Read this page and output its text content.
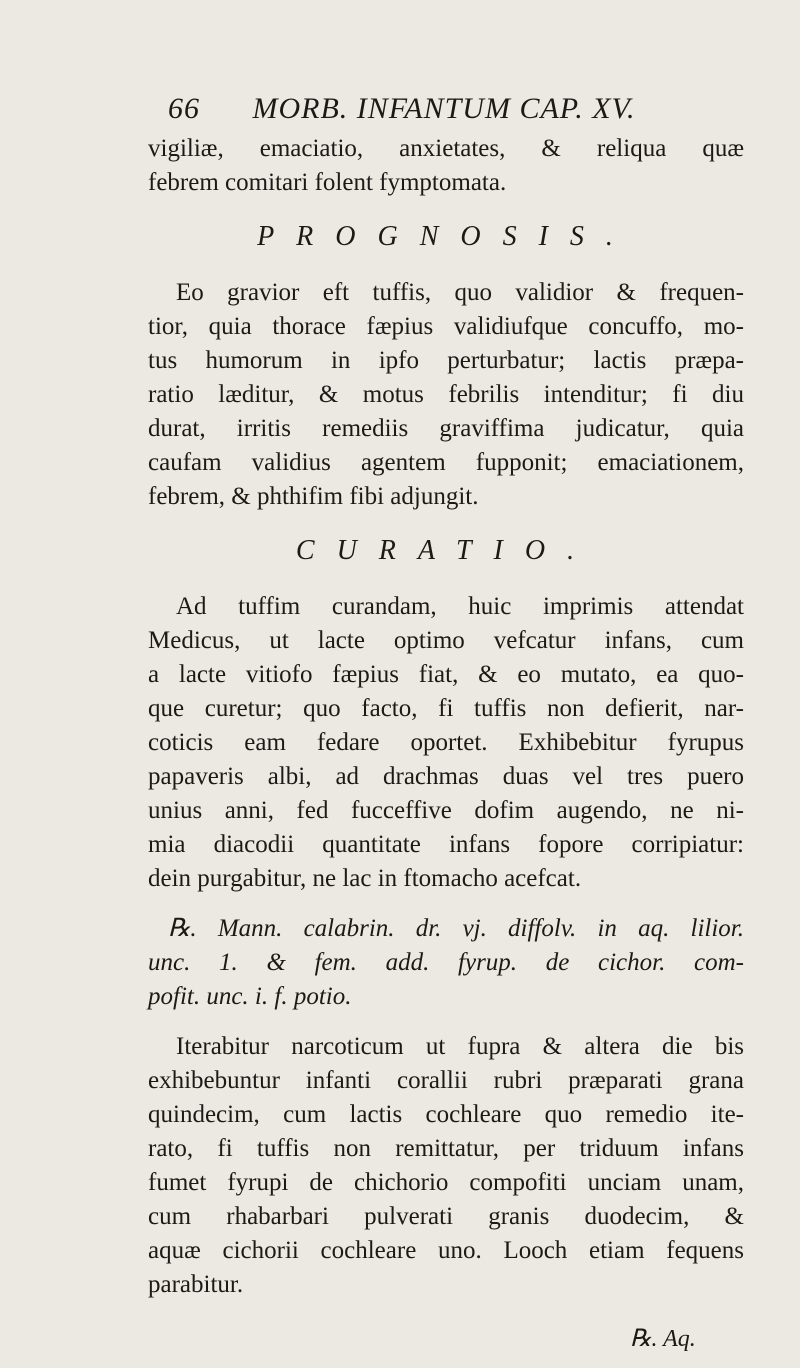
66 MORB. INFANTUM CAP. XV.
vigiliæ, emaciatio, anxietates, & reliqua quæ
febrem comitari folent fymptomata.
PROGNOSIS.
Eo gravior eft tuffis, quo validior & frequen-
tior, quia thorace fæpius validiufque concuffo, mo-
tus humorum in ipfo perturbatur; lactis præpa-
ratio læditur, & motus febrilis intenditur; fi diu
durat, irritis remediis graviffima judicatur, quia
caufam validius agentem fupponit; emaciationem,
febrem, & phthifim fibi adjungit.
CURATIO.
Ad tuffim curandam, huic imprimis attendat
Medicus, ut lacte optimo vefcatur infans, cum
a lacte vitiofo fæpius fiat, & eo mutato, ea quo-
que curetur; quo facto, fi tuffis non defierit, nar-
coticis eam fedare oportet. Exhibebitur fyrupus
papaveris albi, ad drachmas duas vel tres puero
unius anni, fed fucceffive dofim augendo, ne ni-
mia diacodii quantitate infans fopore corripiatur:
dein purgabitur, ne lac in ftomacho acefcat.
℞. Mann. calabrin. dr. vj. diffolv. in aq. lilior.
unc. 1. & fem. add. fyrup. de cichor. com-
pofit. unc. i. f. potio.
Iterabitur narcoticum ut fupra & altera die bis
exhibebuntur infanti corallii rubri præparati grana
quindecim, cum lactis cochleare quo remedio ite-
rato, fi tuffis non remittatur, per triduum infans
fumet fyrupi de chichorio compofiti unciam unam,
cum rhabarbari pulverati granis duodecim, &
aquæ cichorii cochleare uno. Looch etiam fequens
parabitur.
℞. Aq.
